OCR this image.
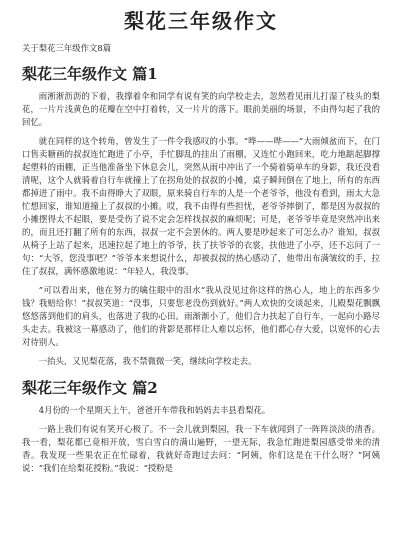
梨花三年级作文
关于梨花三年级作文8篇
梨花三年级作文 篇1

雨淅淅沥沥的下着，我撑着伞和同学有说有笑的向学校走去，忽然看见雨儿打湿了枝头的梨花，一片片浅黄色的花瓣在空中打着转，又一片片的落下。眼前美丽的场景，不由得勾起了我的回忆。

就在同样的这个转角，曾发生了一件令我感叹的小事。“哗——哗——”大雨倾盆而下，在门口售卖糖画的叔叔连忙跑进了小亭，手忙脚乱的挂出了雨棚，又连忙小跑回来，吃力地踮起脚撑起塑料的雨棚，正当他准备坐下休息会儿，突然从雨中冲出了一个骑着骑单车的身影，我还没看清呢，这个人就骑着自行车就撞上了在拐角处的叔叔的小摊，桌子瞬间倒在了地上，所有的东西都掉进了雨中。我不由得睁大了双眼，原来骑自行车的人是一个老爷爷，他没有看到，雨太大急忙想回家，谁知道撞上了叔叔的小摊。哎，我不由得有些担忧，老爷爷摔倒了，都是因为叔叔的小摊摆得太不起眼，要是受伤了说不定会怎样找叔叔的麻烦呢；可是，老爷爷毕竟是突然冲出来的，而且还打翻了所有的东西，叔叔一定不会罢休的。两人要是吵起来了可怎么办？谁知，叔叔从椅子上站了起来，迅速拉起了地上的爷爷，扶了扶爷爷的衣裳，扶他进了小亭，还不忘问了一句：“大爷，您没事吧？”爷爷本来想说什么，却被叔叔的热心感动了，他带出布满皱纹的手，拉住了叔叔，满怀感激地说：“年轻人，我没事。

”可以看出来，他在努力的噙住眼中的泪水“我从没见过你这样的热心人，地上的东西多少钱？我赔给你！”叔叔笑道：“没事，只要您老没伤到就好。”两人欢快的交谈起来，儿殿梨花飘飘悠悠落到他们的肩头，也落进了我的心田。雨渐渐小了，他们合力扶起了自行车，一起向小路尽头走去。我被这一幕感动了，他们的背影是那样让人难以忘怀，他们都心存大爱，以宽怀的心去对待别人。

一抬头，又见梨花落，我不禁微微一笑，继续向学校走去。

梨花三年级作文 篇2

4月份的一个星期天上午，爸爸开车带我和妈妈去丰县看梨花。

一路上我们有说有笑开心极了。不一会儿就到梨园，我一下车就闻到了一阵阵淡淡的清香。我一看，梨花都已竟相开放，雪白雪白的满山遍野，一望无际，我急忙跑进梨园感受带来的清香。我发现一些果农正在忙碌着，我就好奇跑过去问：“阿姨，你们这是在干什么呀？”阿姨说：“我们在给梨花授粉。”我说：“授粉是
